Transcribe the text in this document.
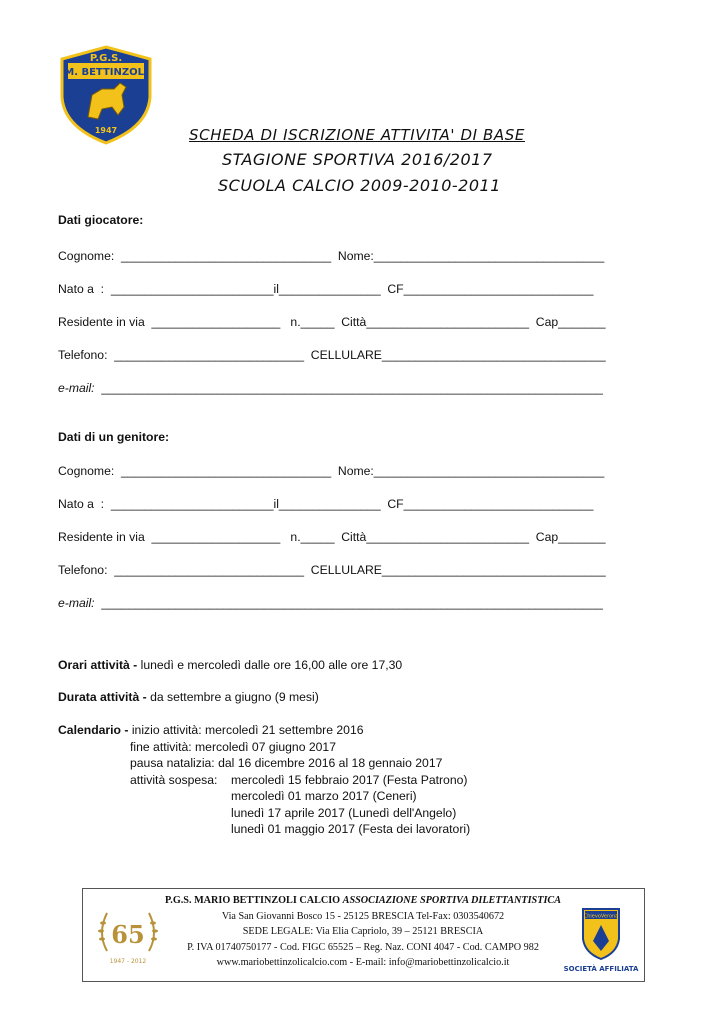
P.G.S.
M. BETTINZOLI
1947	SCHEDA DI ISCRIZIONE ATTIVITA' DI BASE
STAGIONE SPORTIVA 2016/2017
SCUOLA CALCIO 2009-2010-2011
Dati giocatore:
Cognome:  _______________________________  Nome:__________________________________
Nato a  :  ________________________il_______________  CF____________________________
Residente in via  ___________________   n._____  Città________________________  Cap_______
Telefono:  ____________________________  CELLULARE_________________________________
e-mail:  __________________________________________________________________________
Dati di un genitore:
Cognome:  _______________________________  Nome:__________________________________
Nato a  :  ________________________il_______________  CF____________________________
Residente in via  ___________________   n._____  Città________________________  Cap_______
Telefono:  ____________________________  CELLULARE_________________________________
e-mail:  __________________________________________________________________________
Orari attività - lunedì e mercoledì dalle ore 16,00 alle ore 17,30
Durata attività - da settembre a giugno (9 mesi)
Calendario - inizio attività: mercoledì 21 settembre 2016
fine attività: mercoledì 07 giugno 2017
pausa natalizia: dal 16 dicembre 2016 al 18 gennaio 2017
attività sospesa: mercoledì 15 febbraio 2017 (Festa Patrono)
mercoledì 01 marzo 2017 (Ceneri)
lunedì 17 aprile 2017 (Lunedì dell'Angelo)
lunedì 01 maggio 2017 (Festa dei lavoratori)
65
1947 - 2012
P.G.S. MARIO BETTINZOLI CALCIO ASSOCIAZIONE SPORTIVA DILETTANTISTICA
Via San Giovanni Bosco 15 - 25125 BRESCIA Tel-Fax: 0303540672
SEDE LEGALE: Via Elia Capriolo, 39 – 25121 BRESCIA
P. IVA 01740750177 - Cod. FIGC 65525 – Reg. Naz. CONI 4047 - Cod. CAMPO 982
www.mariobettinzolicalcio.com - E-mail: info@mariobettinzolicalcio.it
ChievoVerona
SOCIETÀ AFFILIATA
